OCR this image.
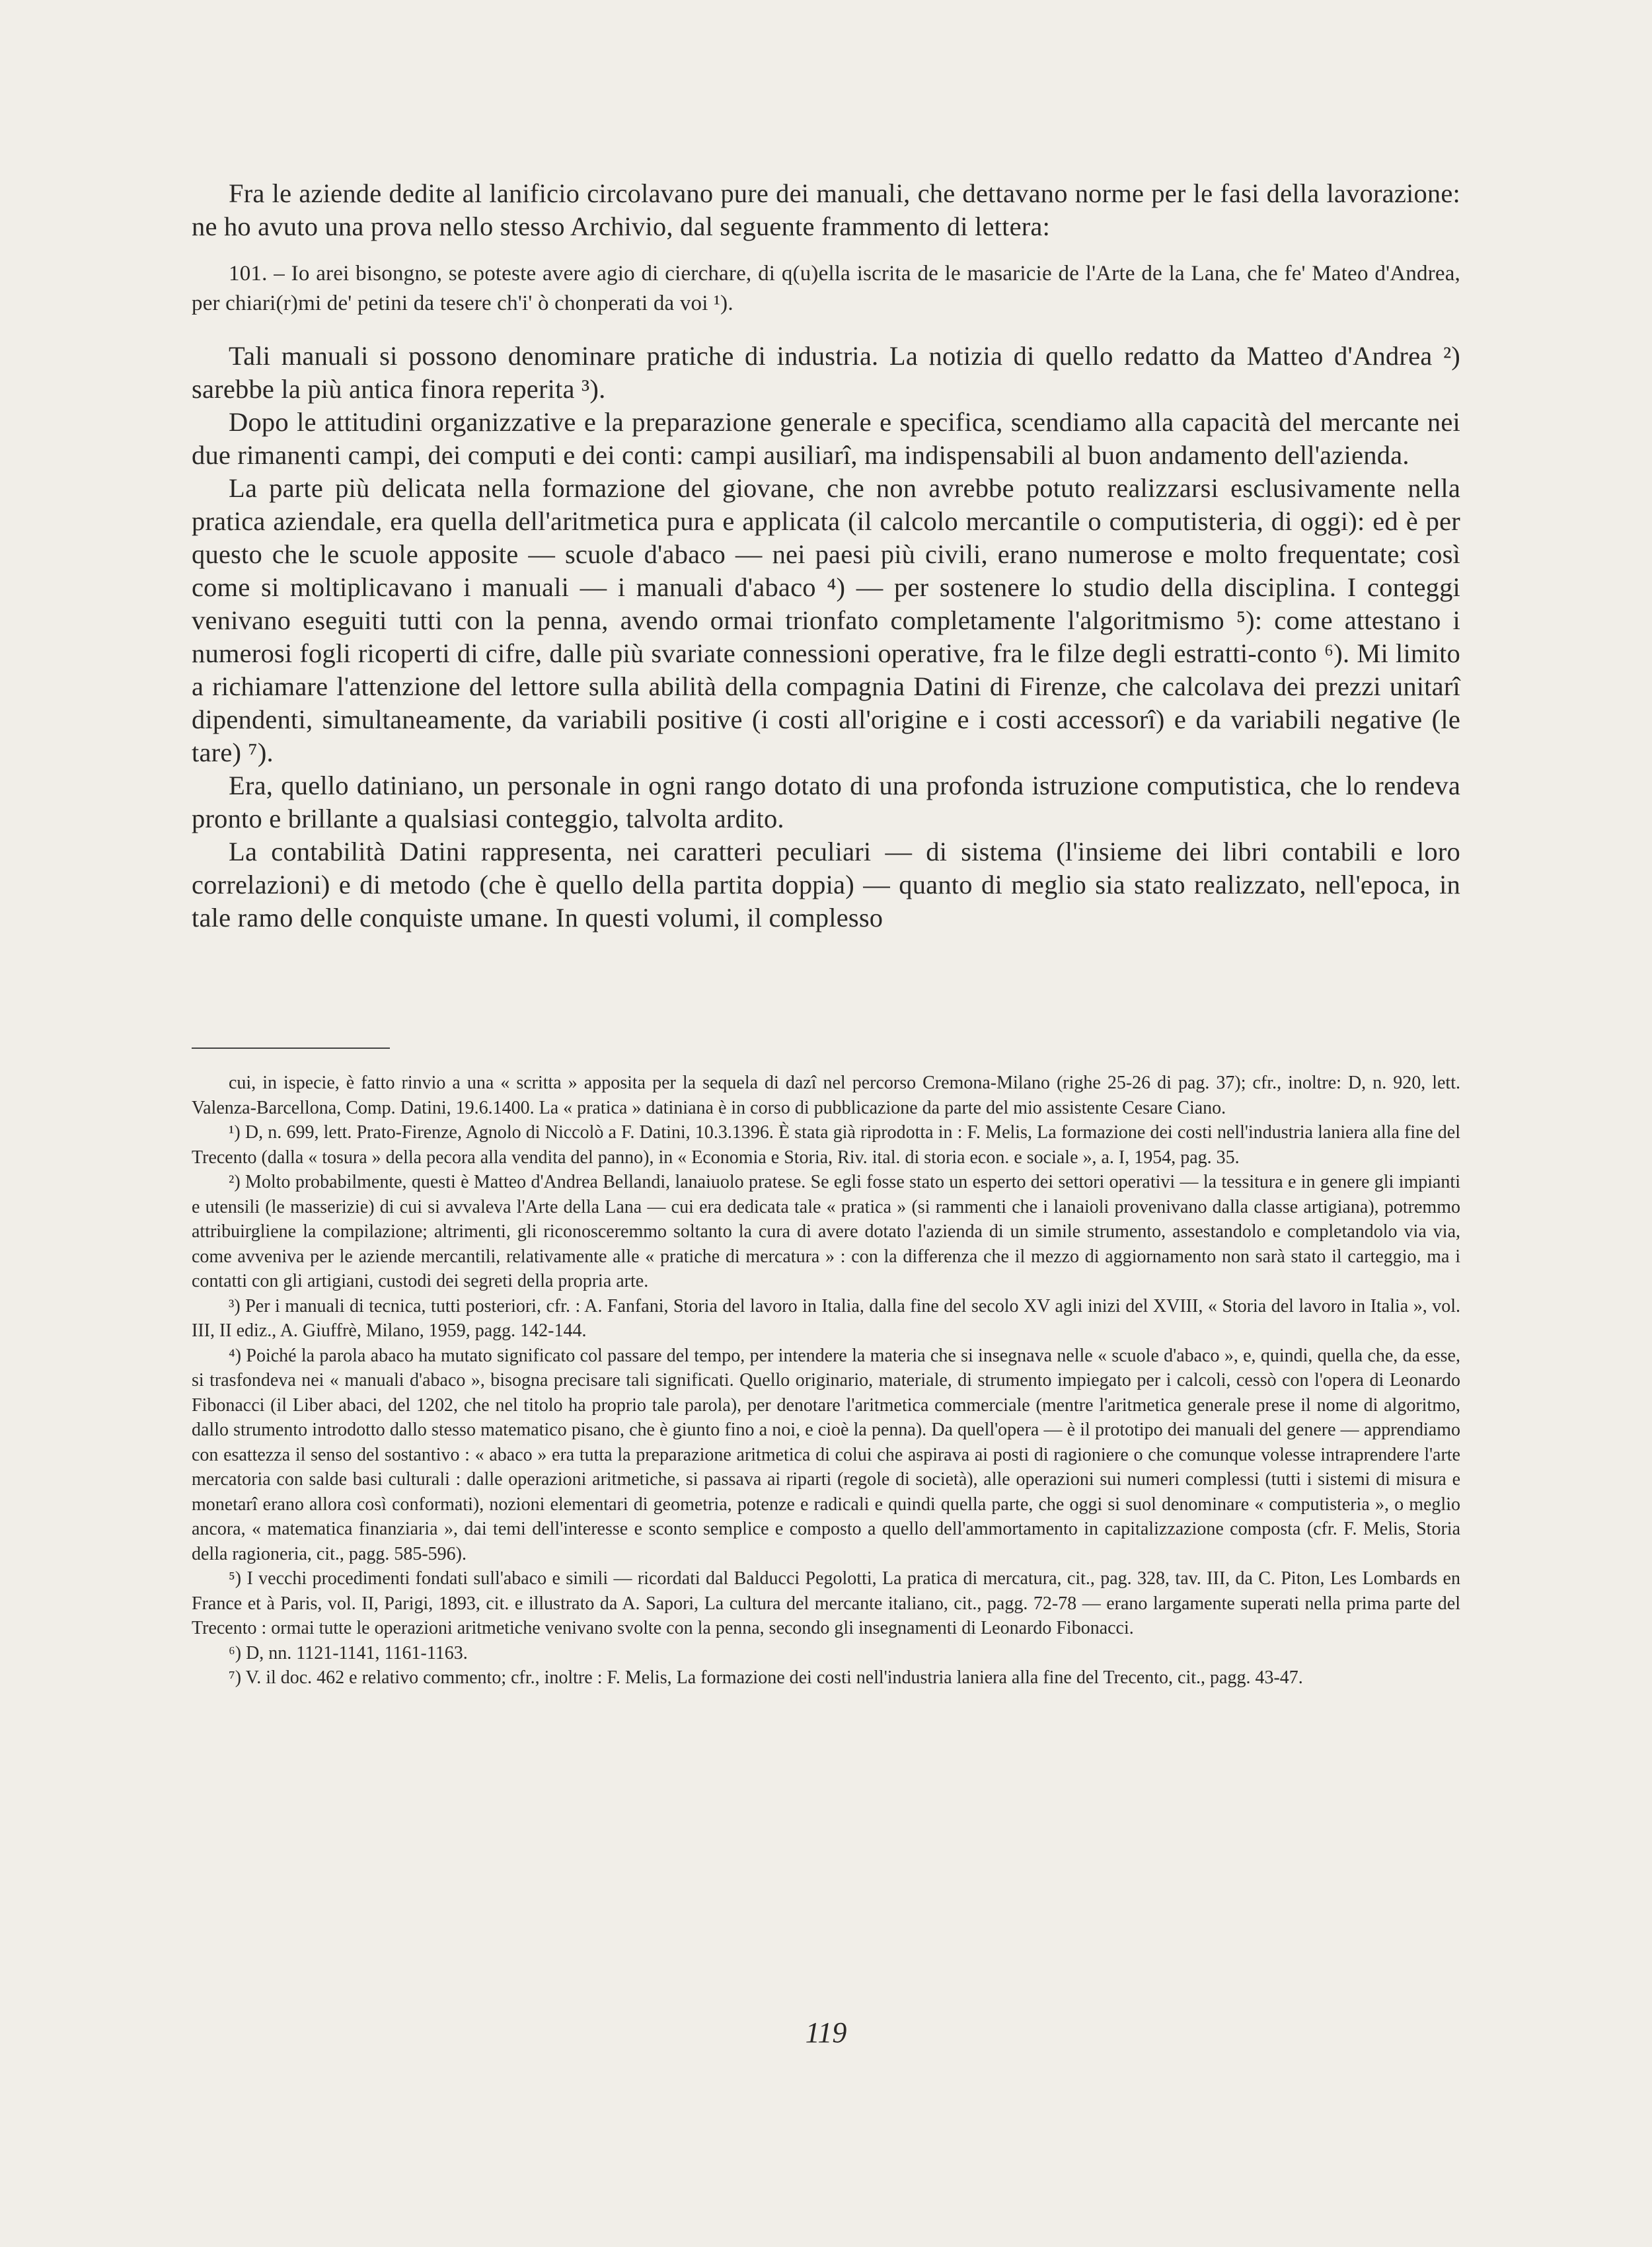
Fra le aziende dedite al lanificio circolavano pure dei manuali, che dettavano norme per le fasi della lavorazione: ne ho avuto una prova nello stesso Archivio, dal seguente frammento di lettera:

101. – Io arei bisongno, se poteste avere agio di cierchare, di q(u)ella iscrita de le masaricie de l'Arte de la Lana, che fe' Mateo d'Andrea, per chiari(r)mi de' petini da tesere ch'i' ò chonperati da voi ¹).

Tali manuali si possono denominare pratiche di industria. La notizia di quello redatto da Matteo d'Andrea ²) sarebbe la più antica finora reperita ³).

Dopo le attitudini organizzative e la preparazione generale e specifica, scendiamo alla capacità del mercante nei due rimanenti campi, dei computi e dei conti: campi ausiliarî, ma indispensabili al buon andamento dell'azienda.

La parte più delicata nella formazione del giovane, che non avrebbe potuto realizzarsi esclusivamente nella pratica aziendale, era quella dell'aritmetica pura e applicata (il calcolo mercantile o computisteria, di oggi): ed è per questo che le scuole apposite — scuole d'abaco — nei paesi più civili, erano numerose e molto frequentate; così come si moltiplicavano i manuali — i manuali d'abaco ⁴) — per sostenere lo studio della disciplina. I conteggi venivano eseguiti tutti con la penna, avendo ormai trionfato completamente l'algoritmismo ⁵): come attestano i numerosi fogli ricoperti di cifre, dalle più svariate connessioni operative, fra le filze degli estratti-conto ⁶). Mi limito a richiamare l'attenzione del lettore sulla abilità della compagnia Datini di Firenze, che calcolava dei prezzi unitarî dipendenti, simultaneamente, da variabili positive (i costi all'origine e i costi accessorî) e da variabili negative (le tare) ⁷).

Era, quello datiniano, un personale in ogni rango dotato di una profonda istruzione computistica, che lo rendeva pronto e brillante a qualsiasi conteggio, talvolta ardito.

La contabilità Datini rappresenta, nei caratteri peculiari — di sistema (l'insieme dei libri contabili e loro correlazioni) e di metodo (che è quello della partita doppia) — quanto di meglio sia stato realizzato, nell'epoca, in tale ramo delle conquiste umane. In questi volumi, il complesso

cui, in ispecie, è fatto rinvio a una « scritta » apposita per la sequela di dazî nel percorso Cremona-Milano (righe 25-26 di pag. 37); cfr., inoltre: D, n. 920, lett. Valenza-Barcellona, Comp. Datini, 19.6.1400. La « pratica » datiniana è in corso di pubblicazione da parte del mio assistente Cesare Ciano.

¹) D, n. 699, lett. Prato-Firenze, Agnolo di Niccolò a F. Datini, 10.3.1396. È stata già riprodotta in : F. Melis, La formazione dei costi nell'industria laniera alla fine del Trecento (dalla « tosura » della pecora alla vendita del panno), in « Economia e Storia, Riv. ital. di storia econ. e sociale », a. I, 1954, pag. 35.

²) Molto probabilmente, questi è Matteo d'Andrea Bellandi, lanaiuolo pratese. Se egli fosse stato un esperto dei settori operativi — la tessitura e in genere gli impianti e utensili (le masserizie) di cui si avvaleva l'Arte della Lana — cui era dedicata tale « pratica » (si rammenti che i lanaioli provenivano dalla classe artigiana), potremmo attribuirgliene la compilazione; altrimenti, gli riconosceremmo soltanto la cura di avere dotato l'azienda di un simile strumento, assestandolo e completandolo via via, come avveniva per le aziende mercantili, relativamente alle « pratiche di mercatura » : con la differenza che il mezzo di aggiornamento non sarà stato il carteggio, ma i contatti con gli artigiani, custodi dei segreti della propria arte.

³) Per i manuali di tecnica, tutti posteriori, cfr. : A. Fanfani, Storia del lavoro in Italia, dalla fine del secolo XV agli inizi del XVIII, « Storia del lavoro in Italia », vol. III, II ediz., A. Giuffrè, Milano, 1959, pagg. 142-144.

⁴) Poiché la parola abaco ha mutato significato col passare del tempo, per intendere la materia che si insegnava nelle « scuole d'abaco », e, quindi, quella che, da esse, si trasfondeva nei « manuali d'abaco », bisogna precisare tali significati. Quello originario, materiale, di strumento impiegato per i calcoli, cessò con l'opera di Leonardo Fibonacci (il Liber abaci, del 1202, che nel titolo ha proprio tale parola), per denotare l'aritmetica commerciale (mentre l'aritmetica generale prese il nome di algoritmo, dallo strumento introdotto dallo stesso matematico pisano, che è giunto fino a noi, e cioè la penna). Da quell'opera — è il prototipo dei manuali del genere — apprendiamo con esattezza il senso del sostantivo : « abaco » era tutta la preparazione aritmetica di colui che aspirava ai posti di ragioniere o che comunque volesse intraprendere l'arte mercatoria con salde basi culturali : dalle operazioni aritmetiche, si passava ai riparti (regole di società), alle operazioni sui numeri complessi (tutti i sistemi di misura e monetarî erano allora così conformati), nozioni elementari di geometria, potenze e radicali e quindi quella parte, che oggi si suol denominare « computisteria », o meglio ancora, « matematica finanziaria », dai temi dell'interesse e sconto semplice e composto a quello dell'ammortamento in capitalizzazione composta (cfr. F. Melis, Storia della ragioneria, cit., pagg. 585-596).

⁵) I vecchi procedimenti fondati sull'abaco e simili — ricordati dal Balducci Pegolotti, La pratica di mercatura, cit., pag. 328, tav. III, da C. Piton, Les Lombards en France et à Paris, vol. II, Parigi, 1893, cit. e illustrato da A. Sapori, La cultura del mercante italiano, cit., pagg. 72-78 — erano largamente superati nella prima parte del Trecento : ormai tutte le operazioni aritmetiche venivano svolte con la penna, secondo gli insegnamenti di Leonardo Fibonacci.

⁶) D, nn. 1121-1141, 1161-1163.

⁷) V. il doc. 462 e relativo commento; cfr., inoltre : F. Melis, La formazione dei costi nell'industria laniera alla fine del Trecento, cit., pagg. 43-47.

119
